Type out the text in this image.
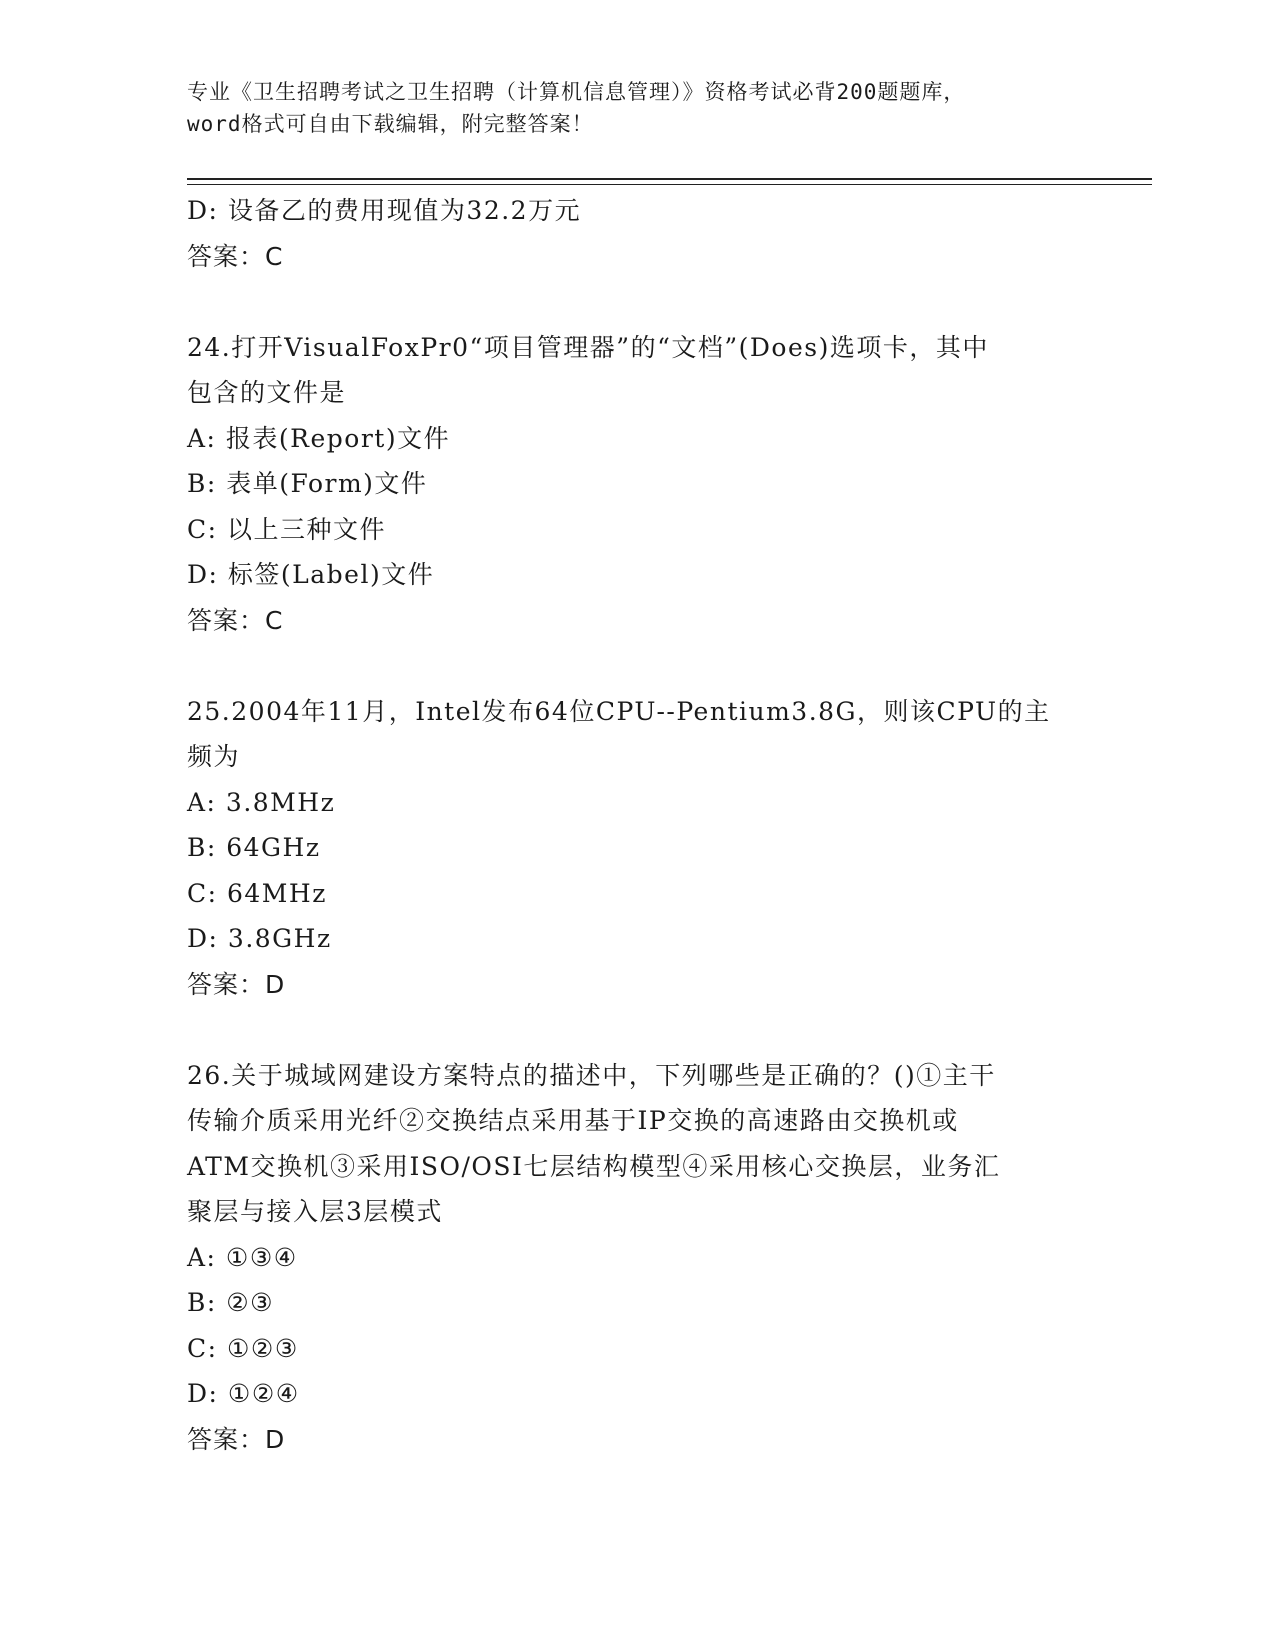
专业《卫生招聘考试之卫生招聘（计算机信息管理）》资格考试必背200题题库，
word格式可自由下载编辑，附完整答案！
D: 设备乙的费用现值为32.2万元
答案：C
24.打开VisualFoxPr0“项目管理器”的“文档”(Does)选项卡，其中
包含的文件是
A: 报表(Report)文件
B: 表单(Form)文件
C: 以上三种文件
D: 标签(Label)文件
答案：C
25.2004年11月，Intel发布64位CPU--Pentium3.8G，则该CPU的主
频为
A: 3.8MHz
B: 64GHz
C: 64MHz
D: 3.8GHz
答案：D
26.关于城域网建设方案特点的描述中，下列哪些是正确的？()①主干
传输介质采用光纤②交换结点采用基于IP交换的高速路由交换机或
ATM交换机③采用ISO/OSI七层结构模型④采用核心交换层，业务汇
聚层与接入层3层模式
A: ①③④
B: ②③
C: ①②③
D: ①②④
答案：D
